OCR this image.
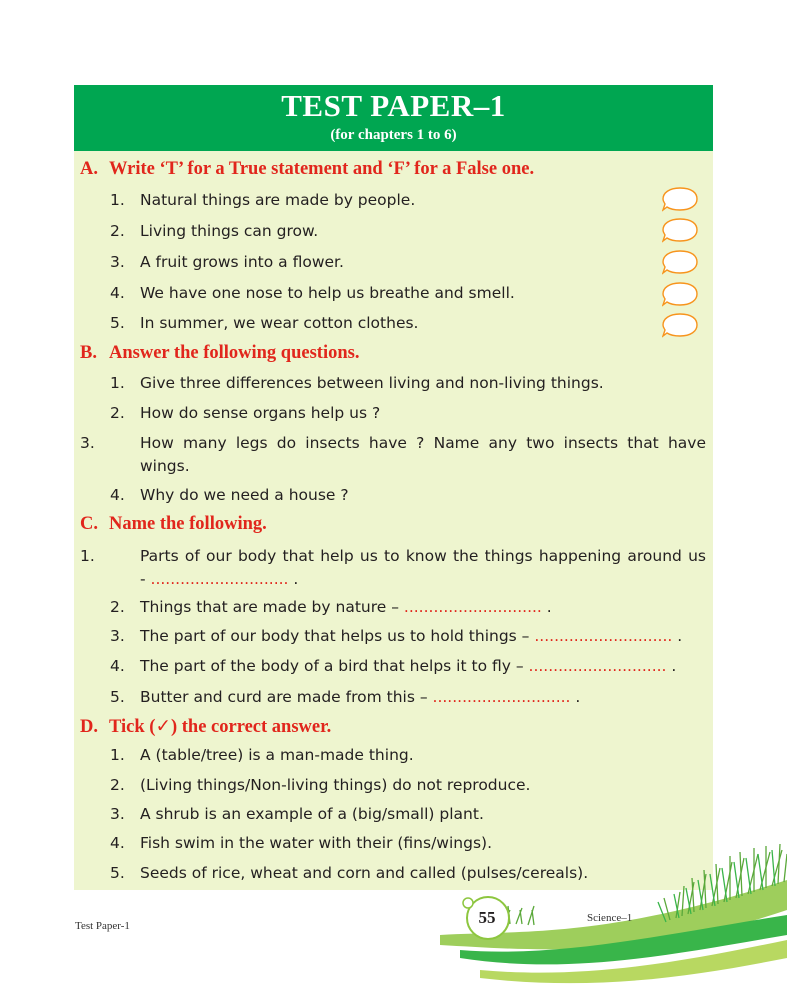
TEST PAPER–1
(for chapters 1 to 6)
A. Write ‘T’ for a True statement and ‘F’ for a False one.
1. Natural things are made by people.
2. Living things can grow.
3. A fruit grows into a flower.
4. We have one nose to help us breathe and smell.
5. In summer, we wear cotton clothes.
B. Answer the following questions.
1. Give three differences between living and non-living things.
2. How do sense organs help us ?
3.	How many legs do insects have ? Name any two insects that have
wings.
4. Why do we need a house ?
C. Name the following.
1.	Parts of our body that help us to know the things happening around us
- ............................ .
2. Things that are made by nature – ............................ .
3. The part of our body that helps us to hold things – ............................ .
4. The part of the body of a bird that helps it to fly – ............................ .
5. Butter and curd are made from this – ............................ .
D. Tick (✓) the correct answer.
1. A (table/tree) is a man-made thing.
2. (Living things/Non-living things) do not reproduce.
3. A shrub is an example of a (big/small) plant.
4. Fish swim in the water with their (fins/wings).
5. Seeds of rice, wheat and corn and called (pulses/cereals).
55
Test Paper-1
Science–1
